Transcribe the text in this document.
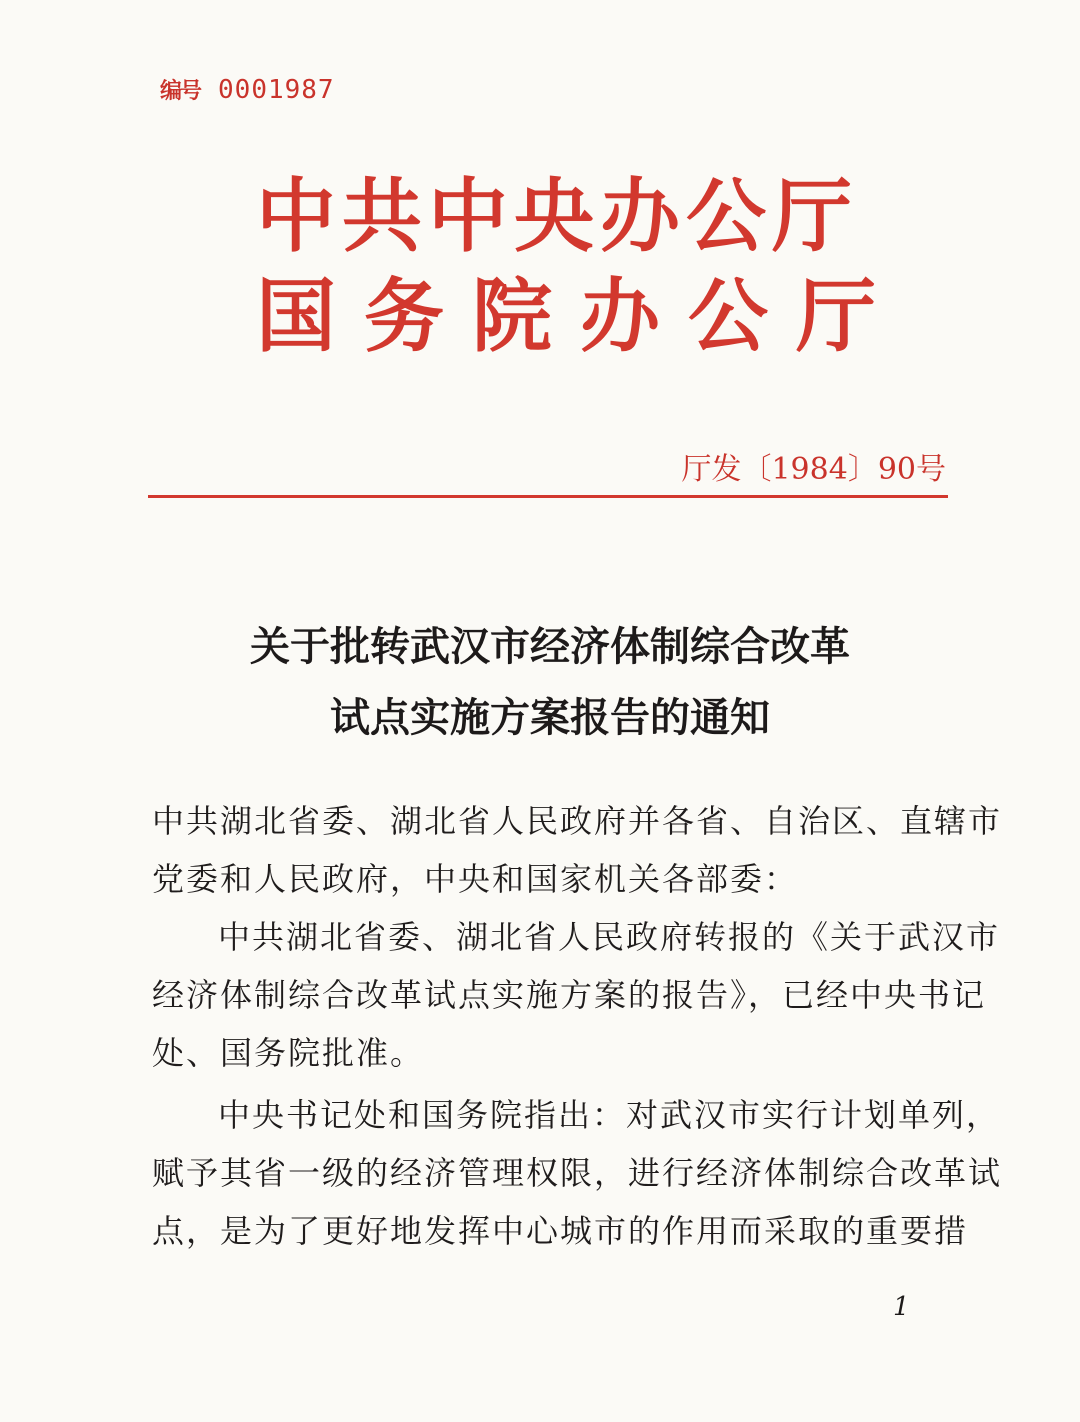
编号 0001987
中共中央办公厅
国务院办公厅
厅发〔1984〕90号
关于批转武汉市经济体制综合改革
试点实施方案报告的通知
中共湖北省委、湖北省人民政府并各省、自治区、直辖市
党委和人民政府，中央和国家机关各部委：
中共湖北省委、湖北省人民政府转报的《关于武汉市
经济体制综合改革试点实施方案的报告》，已经中央书记
处、国务院批准。
中央书记处和国务院指出：对武汉市实行计划单列，
赋予其省一级的经济管理权限，进行经济体制综合改革试
点，是为了更好地发挥中心城市的作用而采取的重要措
1
